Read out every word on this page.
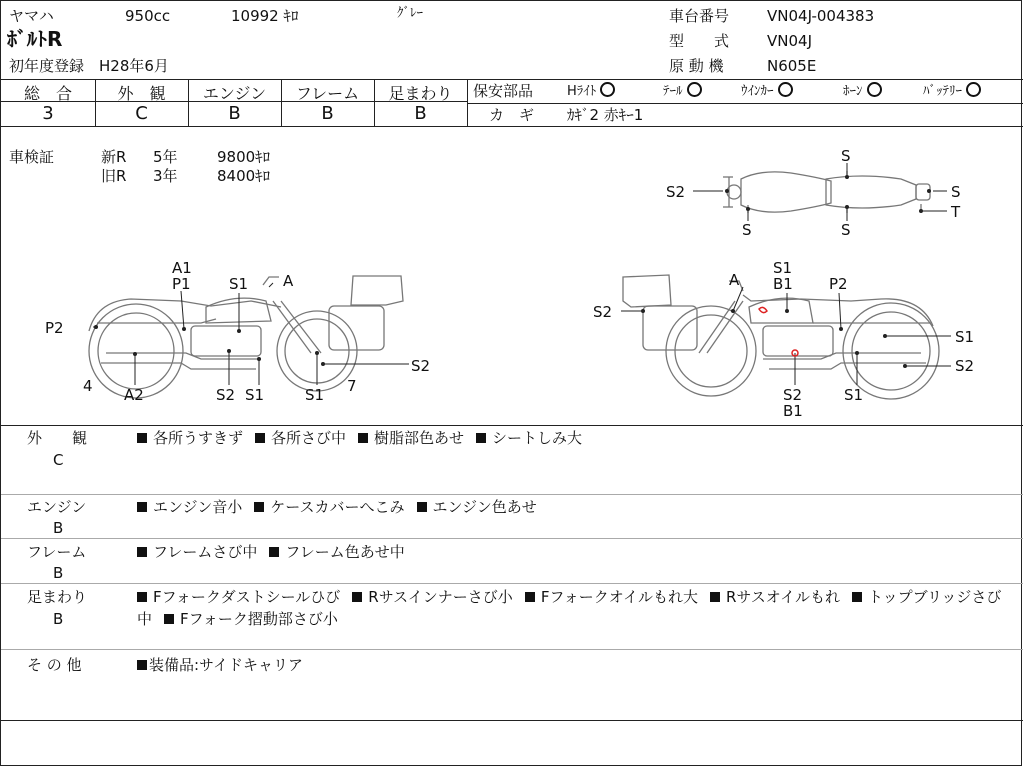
ヤマハ	950cc	10992 ｷﾛ	ｸﾞﾚｰ
ﾎﾞﾙﾄR
初年度登録 H28年6月
車台番号	VN04J-004383
型　　式	VN04J
原 動 機	N605E
総　合	外　観	エンジン	フレーム	足まわり
3	C	B	B	B
保安部品	Hﾗｲﾄ	ﾃｰﾙ	ｳｲﾝｶｰ	ﾎｰﾝ	ﾊﾞｯﾃﾘｰ
カ　ギ ｶｷﾞ2 赤ｷｰ1
車検証	新R 5年	9800ｷﾛ
旧R 3年	8400ｷﾛ
S
S2	S
S	S
T
A1
P1	S1 A
P2
4 A2	S2 S1	S1 7
S2
A
S1
B1 P2
S2
S1
S2
S2
B1
S1
外　　観
C
各所うすきず 各所さび中 樹脂部色あせ シートしみ大
エンジン
B
エンジン音小 ケースカバーへこみ エンジン色あせ
フレーム
B
フレームさび中 フレーム色あせ中
足まわり
B
Fフォークダストシールひび Rサスインナーさび小 Fフォークオイルもれ大 Rサスオイルもれ トップブリッジさび中 Fフォーク摺動部さび小
そ の 他	装備品:サイドキャリア
